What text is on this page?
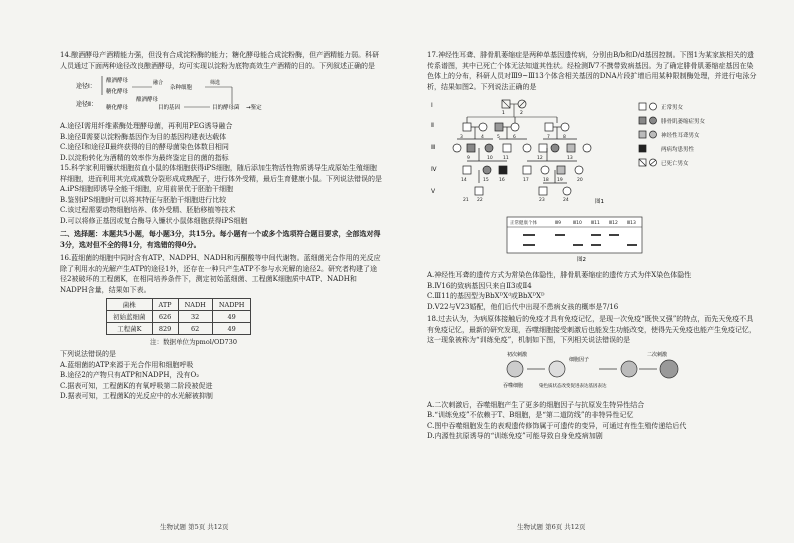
14.酿酒酵母产酒精能力强，但没有合成淀粉酶的能力；糖化酵母能合成淀粉酶，但产酒精能力弱。科研人员通过下面两种途径改良酿酒酵母，均可实现以淀粉为底物高效生产酒精的目的。下列叙述正确的是

途径Ⅰ：
途径Ⅱ：
酿酒酵母
糖化酵母
酿酒酵母
糖化酵母
融合
杂种细胞
筛选
目的基因	目的酵母菌 →鉴定

A.途径Ⅰ需用纤维素酶处理酵母菌，再利用PEG诱导融合

B.途径Ⅱ需要以淀粉酶基因作为目的基因构建表达载体

C.途径Ⅰ和途径Ⅱ最终获得的目的酵母菌染色体数目相同

D.以淀粉转化为酒精的效率作为最终鉴定目的菌的指标

15.科学家利用镰状细胞贫血小鼠的体细胞获得iPS细胞，随后添加生物活性物质诱导生成原始生殖细胞样细胞，进而利用其完成减数分裂形成成熟配子，进行体外受精，最后生育健康小鼠。下列说法错误的是

A.iPS细胞即诱导全能干细胞，应用前景优于胚胎干细胞

B.鉴别iPS细胞时可以将其特征与胚胎干细胞进行比较

C.该过程需要动物细胞培养、体外受精、胚胎移植等技术

D.可以将修正基因或复合酶导入镰状小鼠体细胞获得iPS细胞

二、选择题：本题共5小题，每小题3分，共15分。每小题有一个或多个选项符合题目要求，全部选对得3分，选对但不全的得1分，有选错的得0分。

16.蓝细菌的细胞中同时含有ATP、NADPH、NADH和丙酮酸等中间代谢物。蓝细菌光合作用的光反应除了利用水的光解产生ATP的途径1外，还存在一种只产生ATP不参与水光解的途径2。研究者构建了途径2被破坏的工程菌K，在相同培养条件下，测定初始蓝细菌、工程菌K细胞质中ATP、NADH和NADPH含量，结果如下表。

菌株	ATP	NADH	NADPH
初始蓝细菌	626	32	49
工程菌K	829	62	49
注：数据单位为pmol/OD730

下列说法错误的是

A.蓝细菌的ATP来源于光合作用和细胞呼吸

B.途径2的产物只有ATP和NADPH，没有O₂

C.据表可知，工程菌K的有氧呼吸第二阶段被促进

D.据表可知，工程菌K的光反应中的水光解被抑制

生物试题 第5页 共12页

17.神经性耳聋、腓骨肌萎缩症是两种单基因遗传病，分别由B/b和D/d基因控制。下图1为某家族相关的遗传系谱图，其中已死亡个体无法知道其性状。经检测Ⅳ7不携带致病基因。为了确定腓骨肌萎缩症基因在染色体上的分布，科研人员对Ⅲ9~Ⅲ13个体含相关基因的DNA片段扩增后用某种限制酶处理，并进行电泳分析，结果如图2。下列说法正确的是

Ⅰ
Ⅱ
Ⅲ
Ⅳ
Ⅴ
1	2
3	4	5	6	7	8
9	10 11	12	13
14	15 16	17	18 19	20
21 22	23	24
正常男女
腓骨肌萎缩症男女
神经性耳聋男女
两病均患男性
已死亡男女
图1

正常健康个体	Ⅲ9	Ⅲ10 Ⅲ11 Ⅲ12 Ⅲ13
图2

A.神经性耳聋的遗传方式为常染色体隐性，腓骨肌萎缩症的遗传方式为伴X染色体隐性

B.Ⅳ16的致病基因只来自Ⅱ3或Ⅱ4

C.Ⅲ11的基因型为BbXᴰXᵈ或BbXᴰXᴰ

D.Ⅴ22与Ⅴ23婚配，他们后代中出现不患病女孩的概率是7/16

18.过去认为，为病原体接触后的免疫才具有免疫记忆，是现一次免疫“既快又强”的特点，而先天免疫不具有免疫记忆，最新的研究发现，吞噬细胞接受刺激后也能发生功能改变，使得先天免疫也能产生免疫记忆，这一现象被称为“训练免疫”，机制如下图，下列相关说法错误的是

初次刺激
吞噬细胞
细胞因子
染色质状态改变促进表达基因表达
二次刺激

A.二次刺激后，吞噬细胞产生了更多的细胞因子与抗原发生特异性结合

B.“训练免疫”不依赖于T、B细胞，是“第二道防线”的非特异性记忆

C.图中吞噬细胞发生的表观遗传修饰属于可遗传的变异，可通过有性生殖传递给后代

D.内源性抗原诱导的“训练免疫”可能导致自身免疫病加剧

生物试题 第6页 共12页
